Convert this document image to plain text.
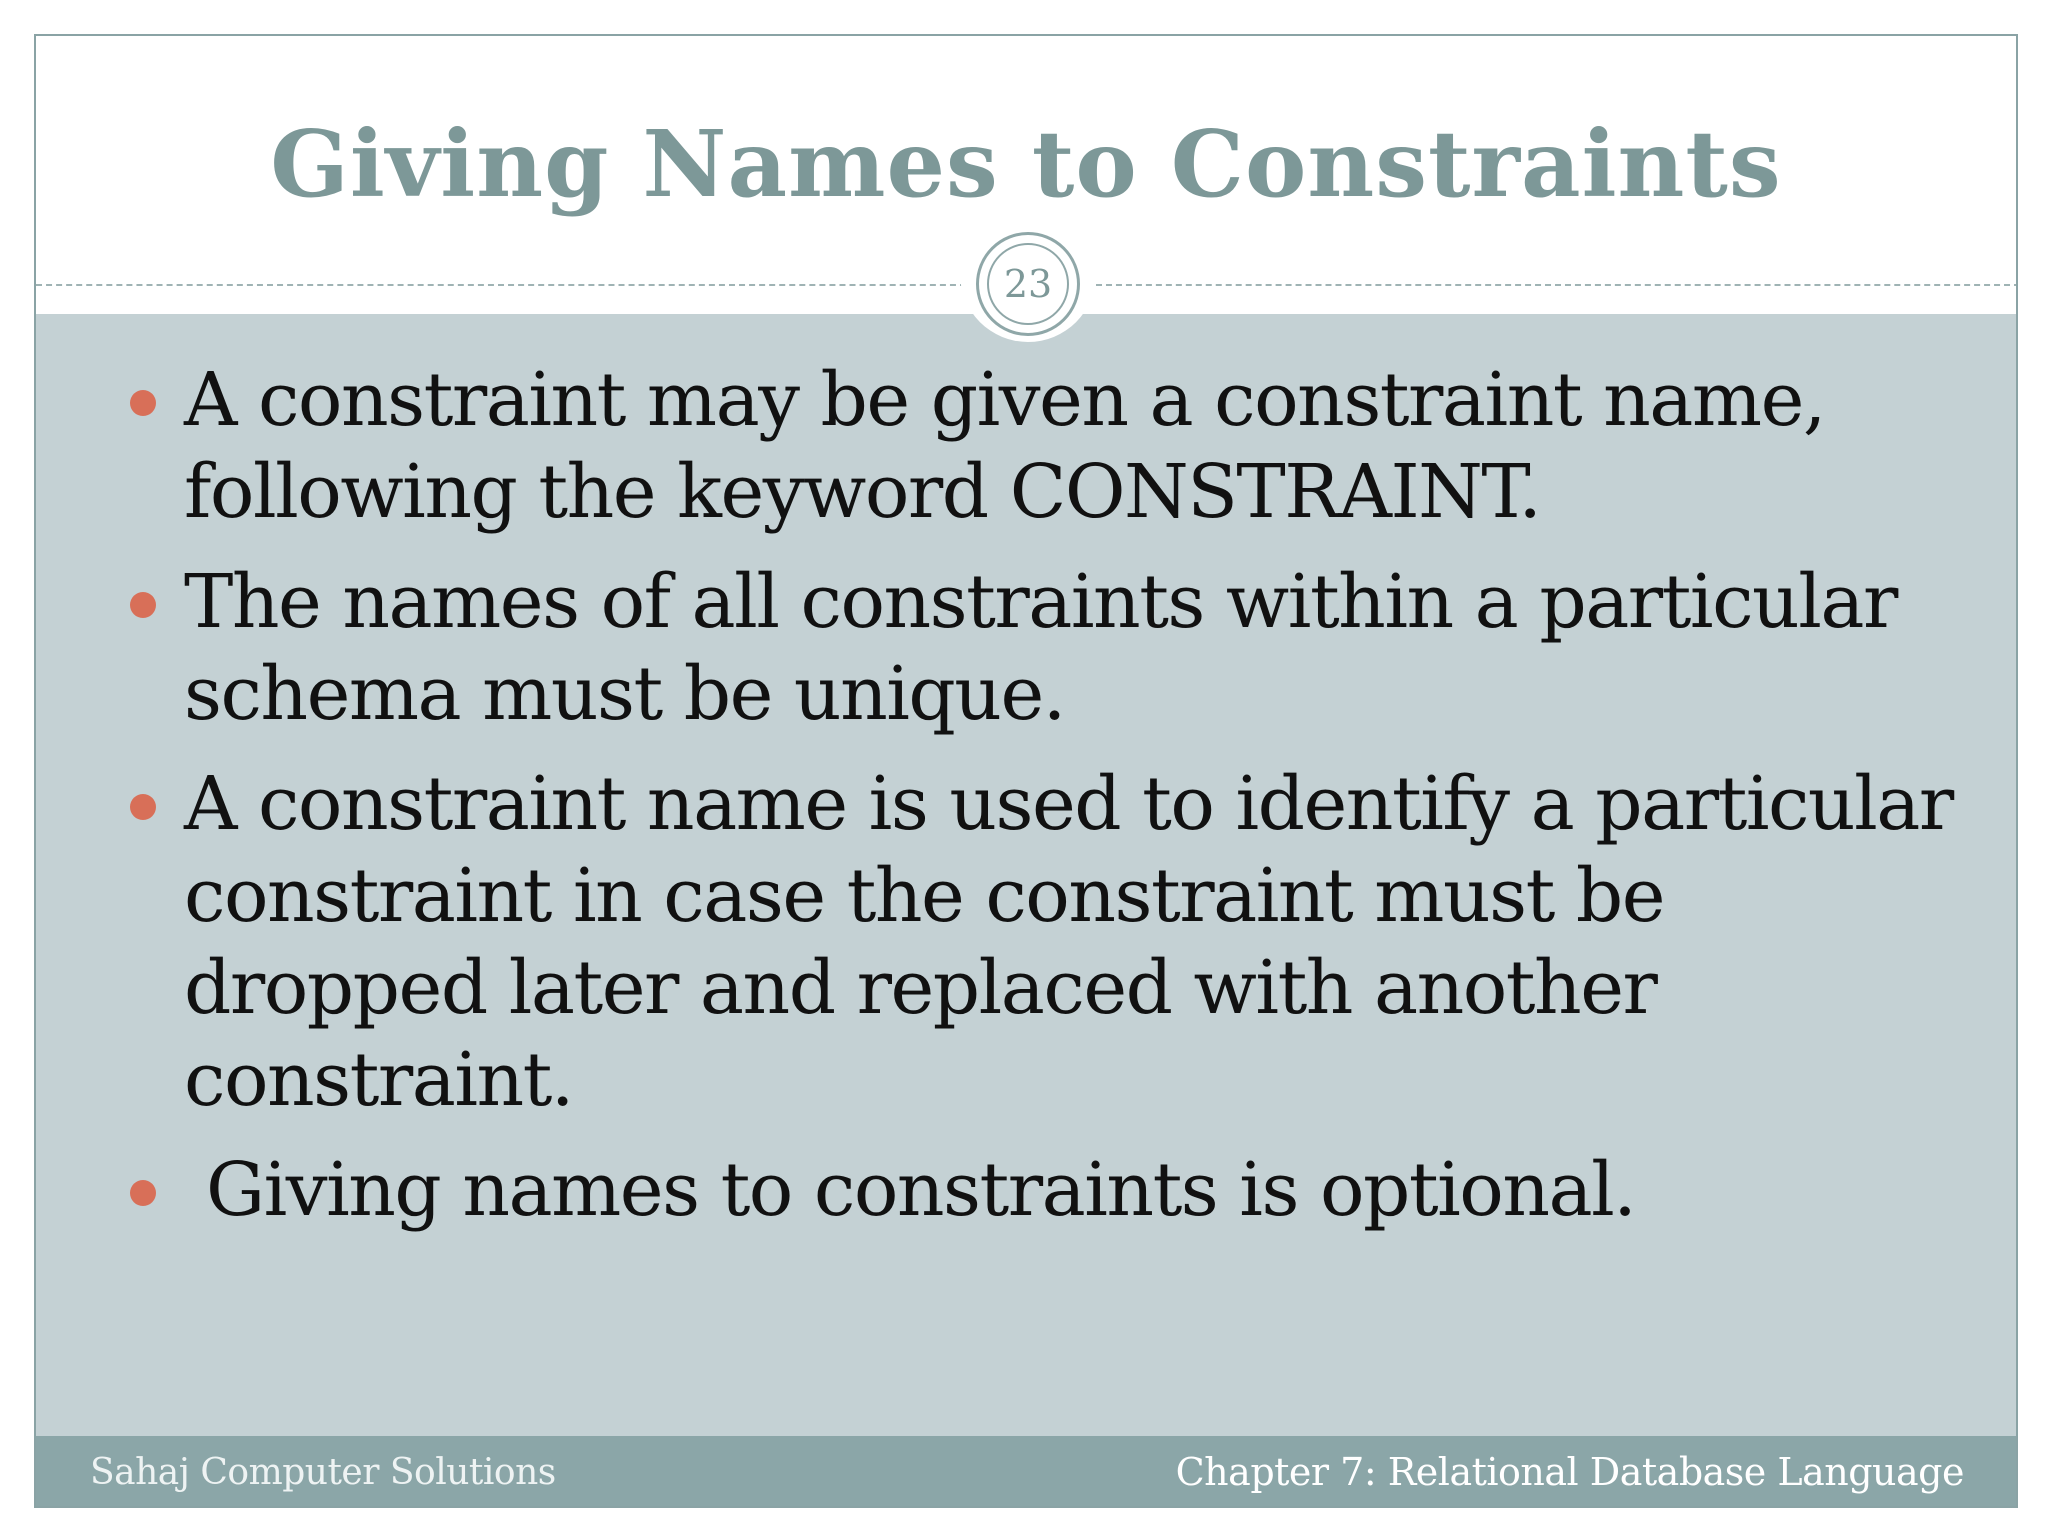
Giving Names to Constraints
23
A constraint may be given a constraint name, following the keyword CONSTRAINT.
The names of all constraints within a particular schema must be unique.
A constraint name is used to identify a particular constraint in case the constraint must be dropped later and replaced with another constraint.
Giving names to constraints is optional.
Sahaj Computer Solutions	Chapter 7: Relational Database Language
